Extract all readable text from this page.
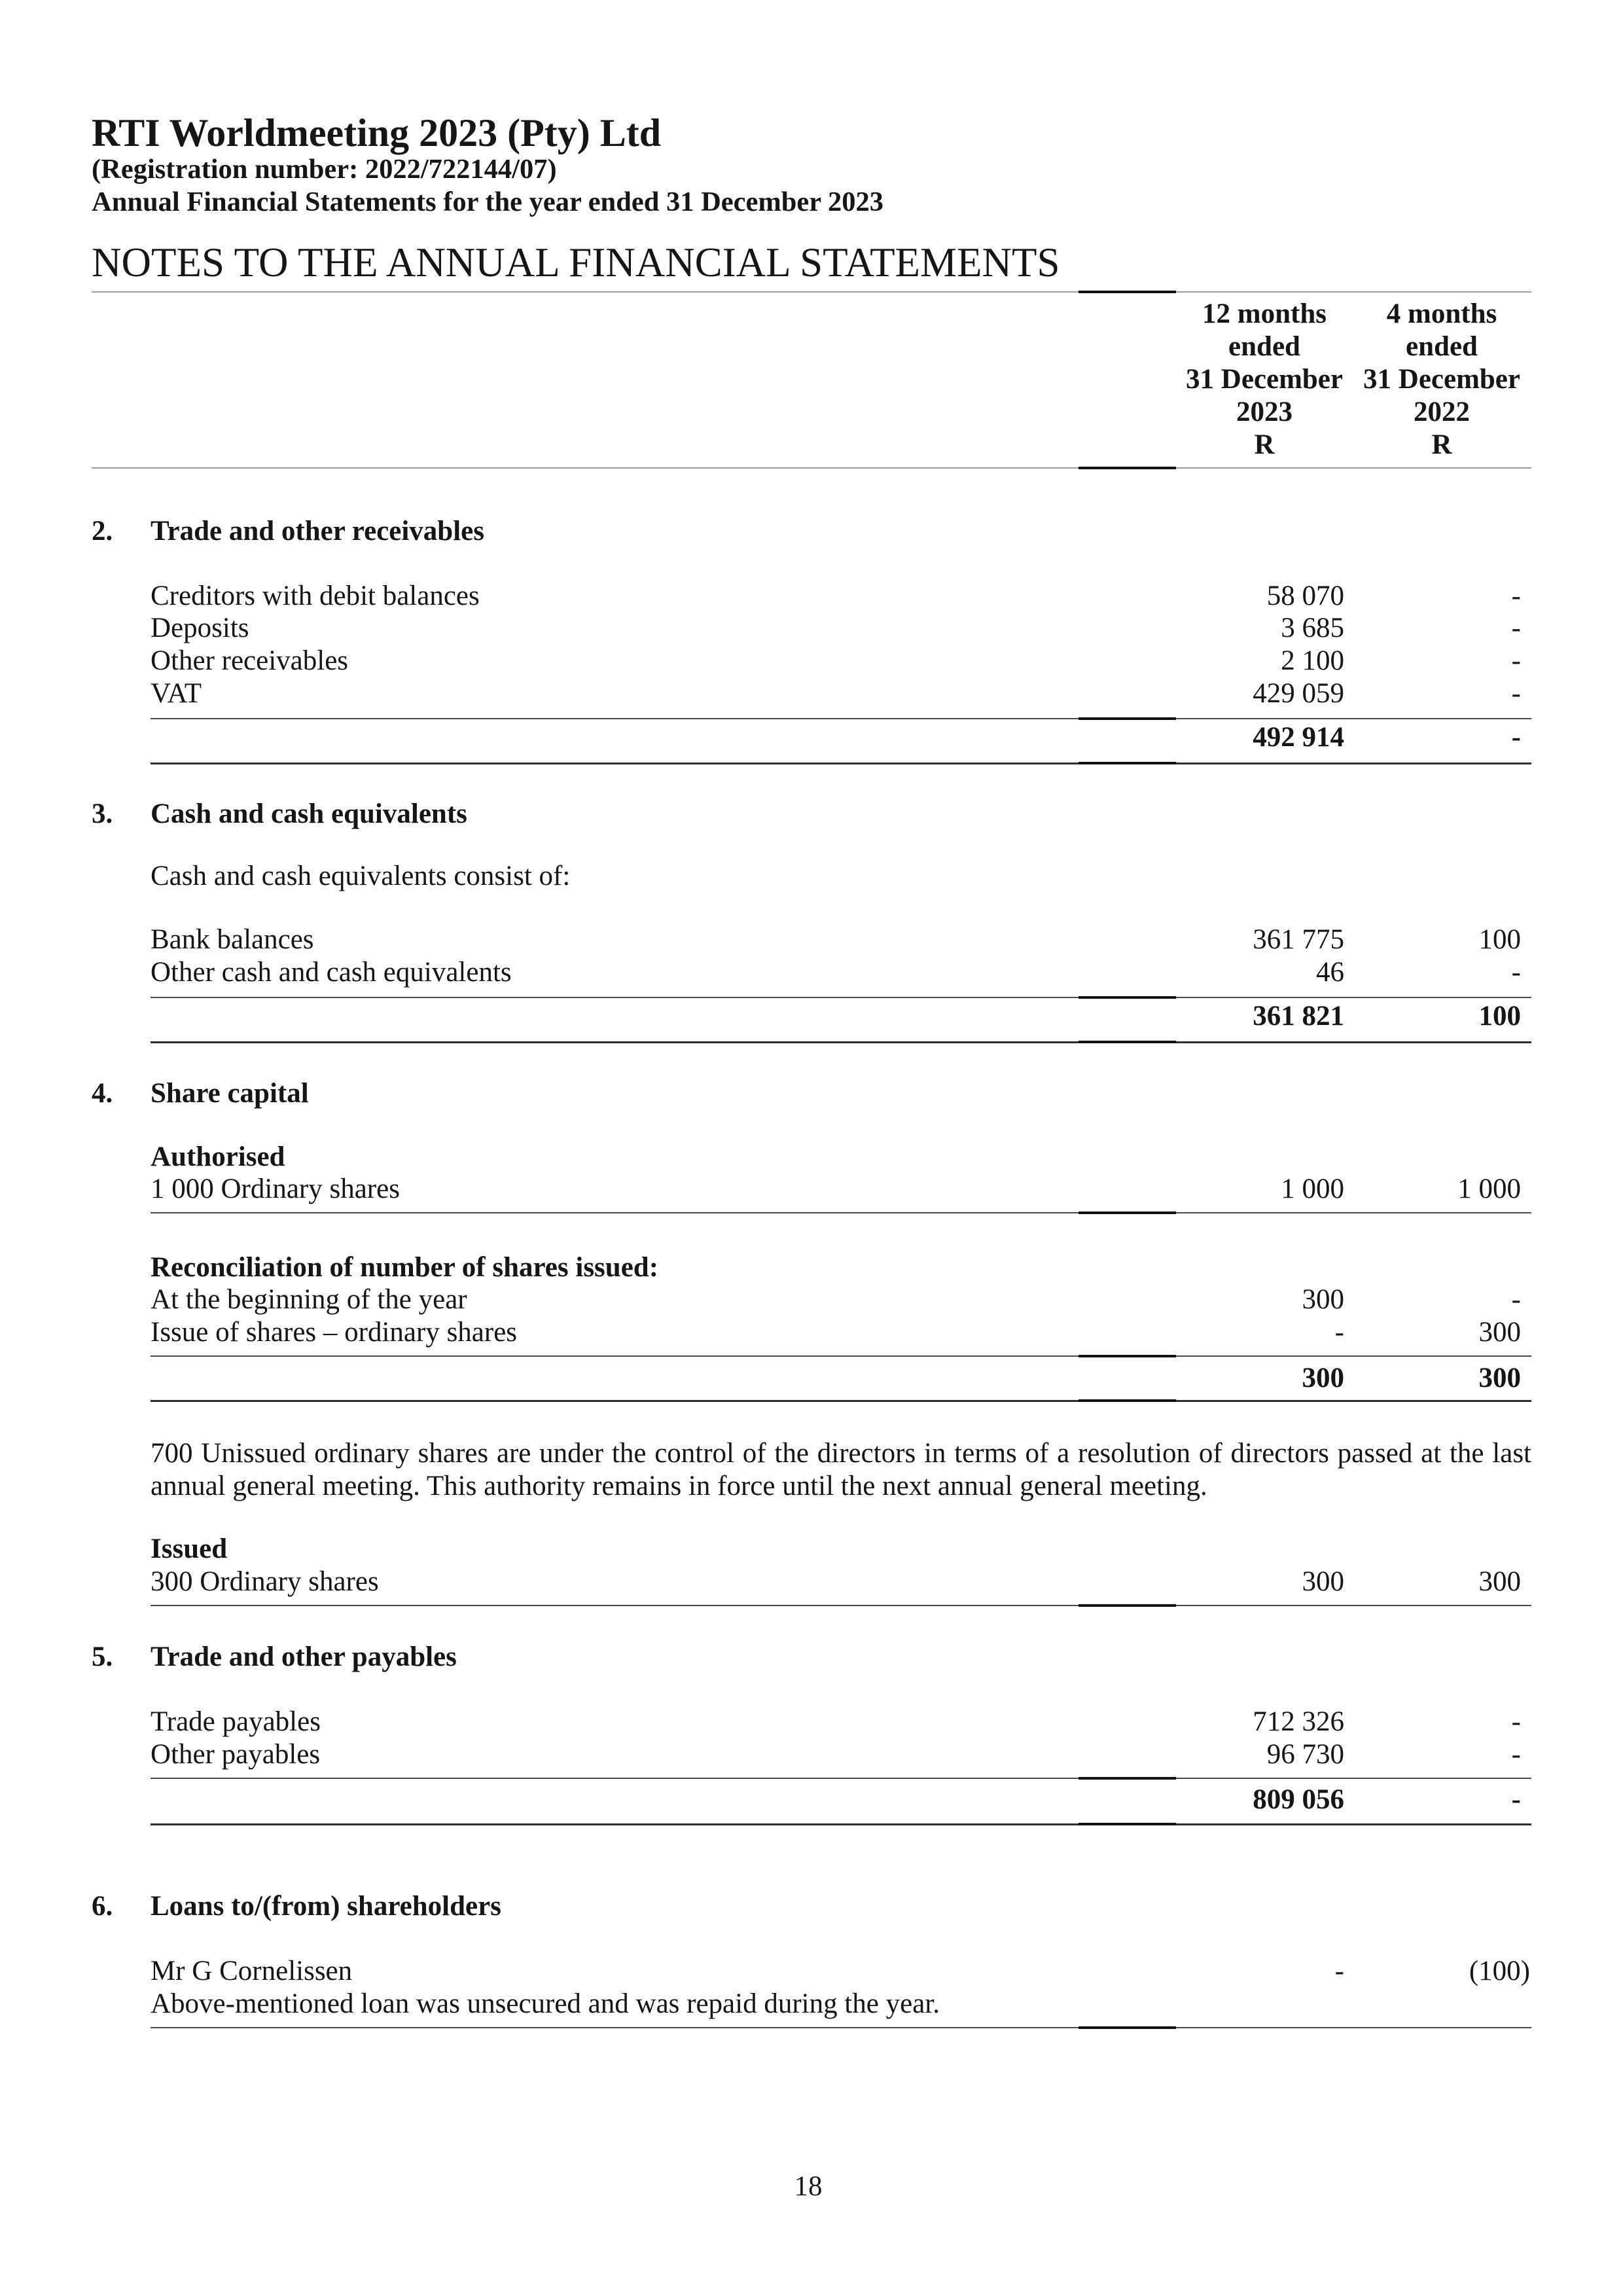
RTI Worldmeeting 2023 (Pty) Ltd
(Registration number: 2022/722144/07)
Annual Financial Statements for the year ended 31 December 2023
NOTES TO THE ANNUAL FINANCIAL STATEMENTS
12 months
ended
31 December
2023
R
4 months
ended
31 December
2022
R
2. Trade and other receivables
Creditors with debit balances	58 070	-
Deposits	3 685	-
Other receivables	2 100	-
VAT	429 059	-
492 914	-
3. Cash and cash equivalents
Cash and cash equivalents consist of:
Bank balances	361 775	100
Other cash and cash equivalents	46	-
361 821	100
4. Share capital
Authorised
1 000 Ordinary shares	1 000	1 000
Reconciliation of number of shares issued:
At the beginning of the year	300	-
Issue of shares – ordinary shares	-	300
300	300
700 Unissued ordinary shares are under the control of the directors in terms of a resolution of directors passed at the last annual general meeting. This authority remains in force until the next annual general meeting.
Issued
300 Ordinary shares	300	300
5. Trade and other payables
Trade payables	712 326	-
Other payables	96 730	-
809 056	-
6. Loans to/(from) shareholders
Mr G Cornelissen	-	(100)
Above-mentioned loan was unsecured and was repaid during the year.
18
